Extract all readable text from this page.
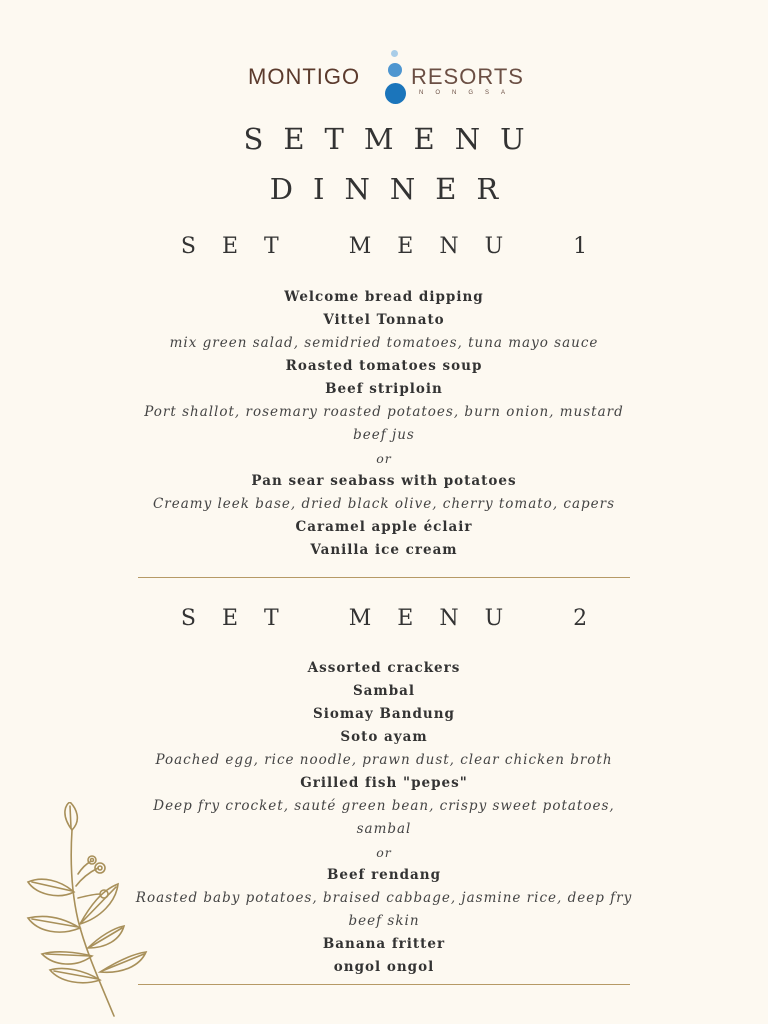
MONTIGO RESORTS
NONGSA
SETMENU
DINNER
S E T	M E N U	1
Welcome bread dipping
Vittel Tonnato
mix green salad, semidried tomatoes, tuna mayo sauce
Roasted tomatoes soup
Beef striploin
Port shallot, rosemary roasted potatoes, burn onion, mustard
beef jus
or
Pan sear seabass with potatoes
Creamy leek base, dried black olive, cherry tomato, capers
Caramel apple éclair
Vanilla ice cream
S E T	M E N U	2
Assorted crackers
Sambal
Siomay Bandung
Soto ayam
Poached egg, rice noodle, prawn dust, clear chicken broth
Grilled fish "pepes"
Deep fry crocket, sauté green bean, crispy sweet potatoes,
sambal
or
Beef rendang
Roasted baby potatoes, braised cabbage, jasmine rice, deep fry
beef skin
Banana fritter
ongol ongol
